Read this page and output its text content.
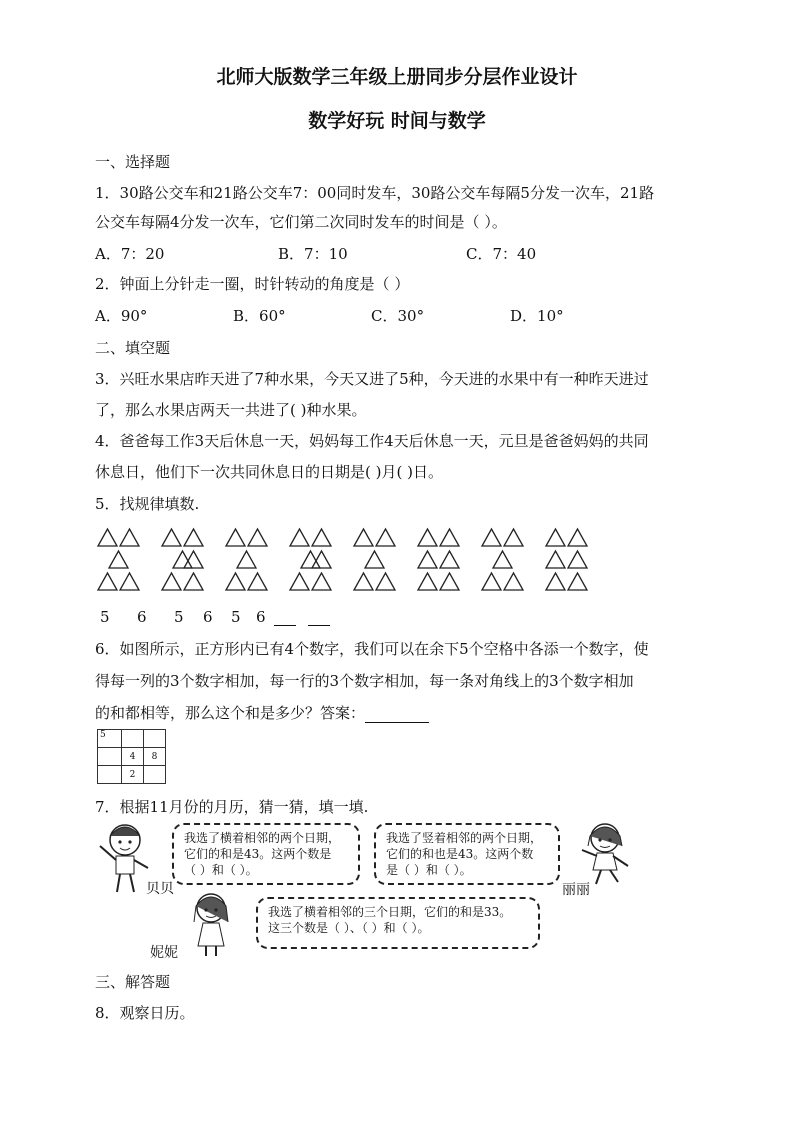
北师大版数学三年级上册同步分层作业设计
数学好玩 时间与数学
一、选择题
1．30路公交车和21路公交车7：00同时发车，30路公交车每隔5分发一次车，21路
公交车每隔4分发一次车，它们第二次同时发车的时间是（ ）。
A．7：20	B．7：10	C．7：40
2．钟面上分针走一圈，时针转动的角度是（ ）
A．90°	B．60°	C．30°	D．10°
二、填空题
3．兴旺水果店昨天进了7种水果，今天又进了5种，今天进的水果中有一种昨天进过
了，那么水果店两天一共进了( )种水果。
4．爸爸每工作3天后休息一天，妈妈每工作4天后休息一天，元旦是爸爸妈妈的共同
休息日，他们下一次共同休息日的日期是( )月( )日。
5．找规律填数.
5 6 5 6 5 6
6．如图所示，正方形内已有4个数字，我们可以在余下5个空格中各添一个数字，使
得每一列的3个数字相加，每一行的3个数字相加，每一条对角线上的3个数字相加
的和都相等，那么这个和是多少？答案：
5		
	4	8
	2	
7．根据11月份的月历，猜一猜，填一填.
贝贝
我选了横着相邻的两个日期，
它们的和是43。这两个数是
（ ）和（ ）。
我选了竖着相邻的两个日期，
它们的和也是43。这两个数
是（ ）和（ ）。
丽丽
妮妮
我选了横着相邻的三个日期，它们的和是33。
这三个数是（ ）、（ ）和（ ）。
三、解答题
8．观察日历。
